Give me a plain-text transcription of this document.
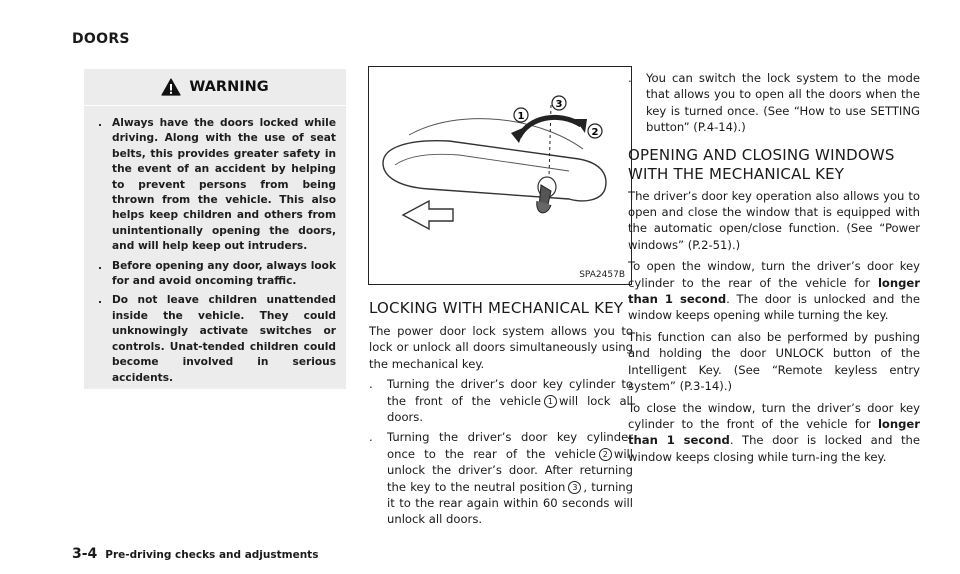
DOORS
WARNING
. Always have the doors locked while driving. Along with the use of seat belts, this provides greater safety in the event of an accident by helping to prevent persons from being thrown from the vehicle. This also helps keep children and others from unintentionally opening the doors, and will help keep out intruders.
. Before opening any door, always look for and avoid oncoming traffic.
. Do not leave children unattended inside the vehicle. They could unknowingly activate switches or controls. Unat-tended children could become involved in serious accidents.
1
2
3
SPA2457B
LOCKING WITH MECHANICAL KEY

The power door lock system allows you to lock or unlock all doors simultaneously using the mechanical key.

.	Turning the driver’s door key cylinder to the front of the vehicle 1 will lock all doors.
.	Turning the driver’s door key cylinder once to the rear of the vehicle 2 will unlock the driver’s door. After returning the key to the neutral position 3 , turning it to the rear again within 60 seconds will unlock all doors.
.	You can switch the lock system to the mode that allows you to open all the doors when the key is turned once. (See “How to use SETTING button” (P.4-14).)
OPENING AND CLOSING WINDOWS
WITH THE MECHANICAL KEY

The driver’s door key operation also allows you to open and close the window that is equipped with the automatic open/close function. (See “Power windows” (P.2-51).)

To open the window, turn the driver’s door key cylinder to the rear of the vehicle for longer than 1 second. The door is unlocked and the window keeps opening while turning the key.

This function can also be performed by pushing and holding the door UNLOCK button of the Intelligent Key. (See “Remote keyless entry system” (P.3-14).)

To close the window, turn the driver’s door key cylinder to the front of the vehicle for longer than 1 second. The door is locked and the window keeps closing while turn-ing the key.

3-4 Pre-driving checks and adjustments
